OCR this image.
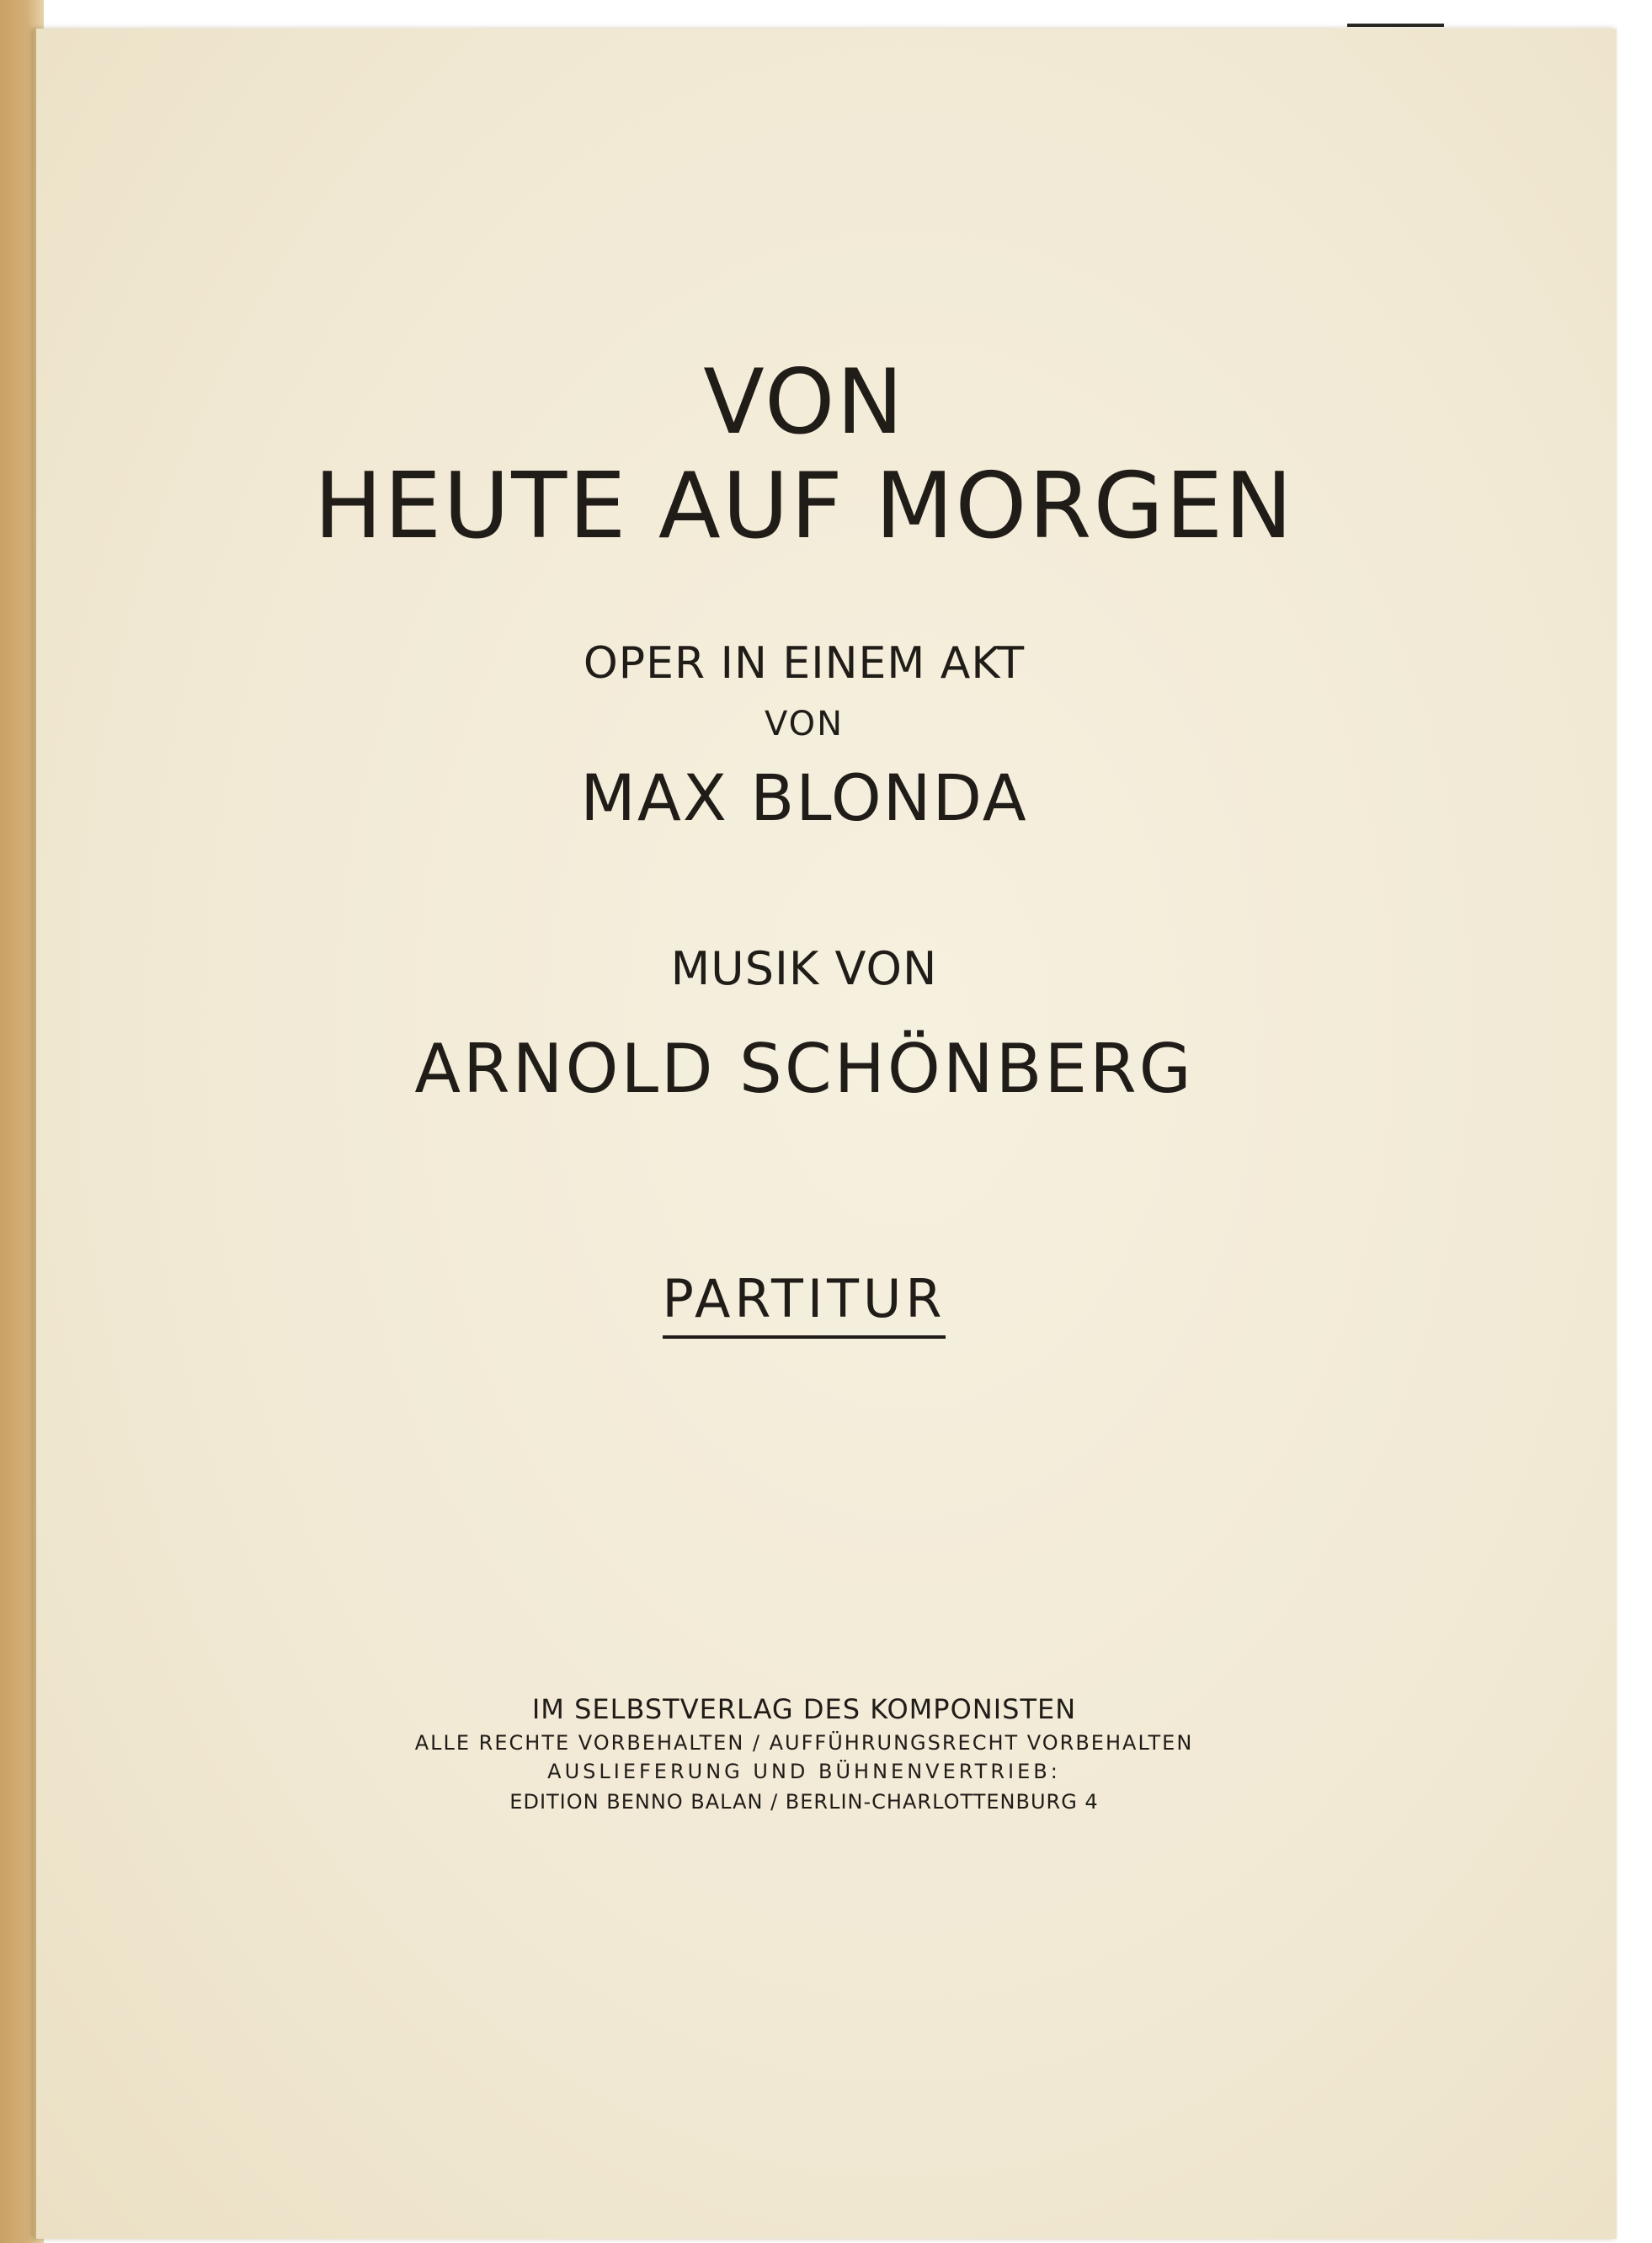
VON
HEUTE AUF MORGEN
OPER IN EINEM AKT
VON
MAX BLONDA
MUSIK VON
ARNOLD SCHÖNBERG
PARTITUR
IM SELBSTVERLAG DES KOMPONISTEN
ALLE RECHTE VORBEHALTEN / AUFFÜHRUNGSRECHT VORBEHALTEN
AUSLIEFERUNG UND BÜHNENVERTRIEB:
EDITION BENNO BALAN / BERLIN-CHARLOTTENBURG 4
